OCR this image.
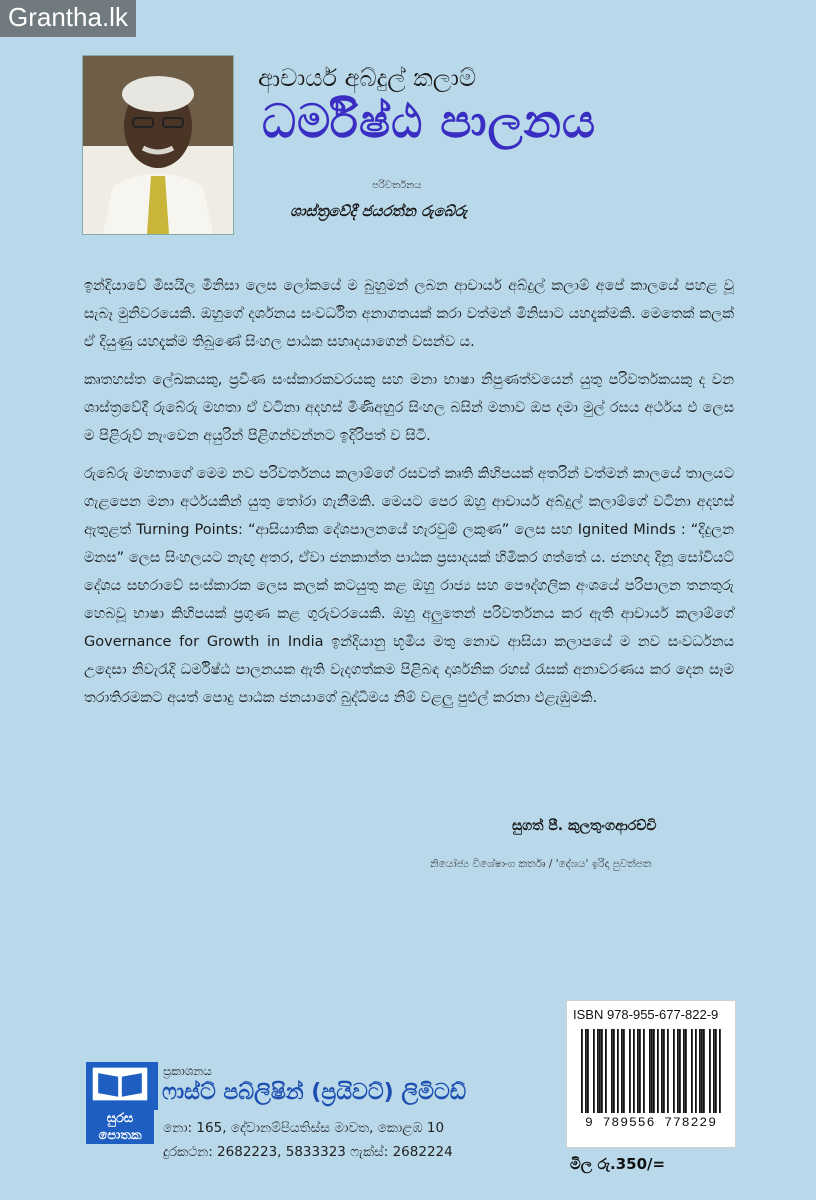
Grantha.lk
ආචාර්ය අබ්දුල් කලාම්
ධර්මිෂ්ඨ පාලනය
පරිවර්තනය
ශාස්ත්‍රවේදී ජයරත්න රුබේරු

ඉන්දියාවේ මිසයිල මිනිසා ලෙස ලෝකයේ ම බුහුමන් ලබන ආචාර්ය අබ්දුල් කලාම් අපේ කාලයේ පහළ වූ සැබෑ මුනිවරයෙකි. ඔහුගේ දර්ශනය සංවර්ධිත අනාගතයක් කරා වත්මන් මිනිසාට යහදැක්මකි. මෙතෙක් කලක් ඒ දියුණු යහදැක්ම තිබුණේ සිංහල පාඨක සහෘදයාගෙන් වසන්ව ය.

කෘතහස්ත ලේඛකයකු, ප්‍රවීණ සංස්කාරකවරයකු සහ මනා භාෂා නිපුණත්වයෙන් යුතු පරිවර්තකයකු ද වන ශාස්ත්‍රවේදී රුබේරු මහතා ඒ වටිනා අදහස් මිණිඅහුර සිංහල බසින් මනාව ඔප දමා මුල් රසය අර්ථය එ ලෙස ම පිළිරුව් නැංවෙන අයුරින් පිළිගන්වන්නට ඉදිරිපත් ව සිටී.

රුබේරු මහතාගේ මෙම නව පරිවර්තනය කලාම්ගේ රසවත් කෘති කිහිපයක් අතරින් වත්මන් කාලයේ තාලයට ගැළපෙන මනා අර්ථයකින් යුතු තෝරා ගැනීමකි. මෙයට පෙර ඔහු ආචාර්ය අබ්දුල් කලාම්ගේ වටිනා අදහස් ඇතුළත් Turning Points: “ආසියාතික දේශපාලනයේ හැරවුම් ලකුණ” ලෙස සහ Ignited Minds : “දිදුලන මනස” ලෙස සිංහලයට නැඟූ අතර, ඒවා ජනකාන්ත පාඨක ප්‍රසාදයක් හිමිකර ගත්තේ ය. ජනහද දිනූ සෝවියට් දේශය සඟරාවේ සංස්කාරක ලෙස කලක් කටයුතු කළ ඔහු රාජ්‍ය සහ පෞද්ගලික අංශයේ පරිපාලන තනතුරු හෙබවූ භාෂා කිහිපයක් ප්‍රගුණ කළ ගුරුවරයෙකි. ඔහු අලුතෙන් පරිවර්තනය කර ඇති ආචාර්ය කලාම්ගේ Governance for Growth in India ඉන්දියානු භූමිය මතු නොව ආසියා කලාපයේ ම නව සංවර්ධනය උදෙසා නිවැරැදි ධර්මිෂ්ඨ පාලනයක ඇති වැදගත්කම පිළිබඳ දාර්ශනික රහස් රැසක් අනාවරණය කර දෙන සෑම තරාතිරමකට අයත් පොදු පාඨක ජනයාගේ බුද්ධිමය නිම් වළලු පුළුල් කරනා එළැඹුමකි.

සුගත් පී. කුලතුංගආරච්චි
නියෝජ්‍ය විශේෂාංග කර්තෘ / 'දේශය' ඉරිදා පුවත්පත
සුරස
පොතක
ප්‍රකාශනය
ෆාස්ට් පබ්ලිෂින් (ප්‍රයිවට්) ලිමිටඩ්
නො: 165, දේවානම්පියතිස්ස මාවත, කොළඹ 10
දුරකථන: 2682223, 5833323 ෆැක්ස්: 2682224
ISBN 978-955-677-822-9
9 789556 778229
මිල රු.350/=
